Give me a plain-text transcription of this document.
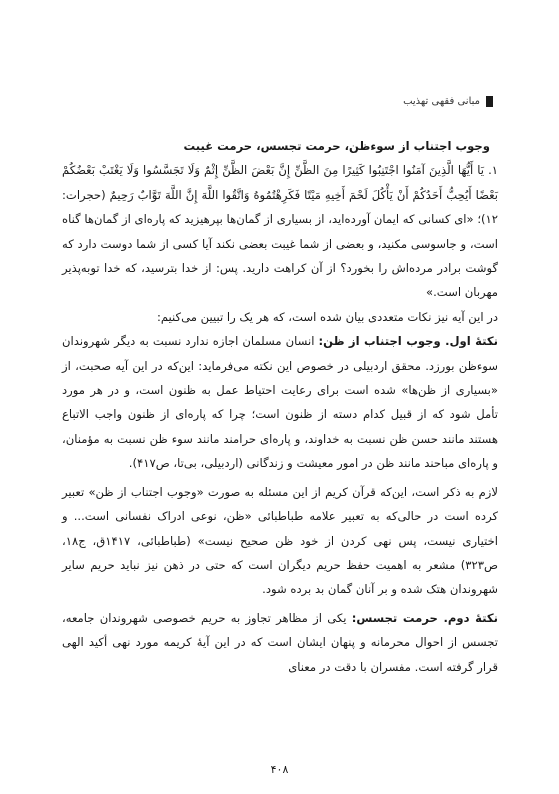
مبانی فقهی تهذیب

وجوب اجتناب از سوءظن، حرمت تجسس، حرمت غیبت

۱. یَا أَیُّهَا الَّذِینَ آمَنُوا اجْتَنِبُوا کَثِیرًا مِنَ الظَّنِّ إِنَّ بَعْضَ الظَّنِّ إِثْمٌ وَلَا تَجَسَّسُوا وَلَا یَغْتَبْ بَعْضُکُمْ بَعْضًا أَیُحِبُّ أَحَدُکُمْ أَنْ یَأْکُلَ لَحْمَ أَخِیهِ مَیْتًا فَکَرِهْتُمُوهُ وَاتَّقُوا اللَّهَ إِنَّ اللَّهَ تَوَّابٌ رَحِیمٌ (حجرات: ۱۲)؛ «ای کسانی که ایمان آورده‌اید، از بسیاری از گمان‌ها بپرهیزید که پاره‌ای از گمان‌ها گناه است، و جاسوسی مکنید، و بعضی از شما غیبت بعضی نکند آیا کسی از شما دوست دارد که گوشت برادر مرده‌اش را بخورد؟ از آن کراهت دارید. پس: از خدا بترسید، که خدا توبه‌پذیر مهربان است.»

در این آیه نیز نکات متعددی بیان شده است، که هر یک را تبیین می‌کنیم:

نکتهٔ اول. وجوب اجتناب از ظن: انسان مسلمان اجازه ندارد نسبت به دیگر شهروندان سوءظن بورزد. محقق اردبیلی در خصوص این نکته می‌فرماید: این‌که در این آیه صحبت، از «بسیاری از ظن‌ها» شده است برای رعایت احتیاط عمل به ظنون است، و در هر مورد تأمل شود که از قبیل کدام دسته از ظنون است؛ چرا که پاره‌ای از ظنون واجب الاتباع هستند مانند حسن ظن نسبت به خداوند، و پاره‌ای حرامند مانند سوء ظن نسبت به مؤمنان، و پاره‌ای مباحند مانند ظن در امور معیشت و زندگانی (اردبیلی، بی‌تا، ص۴۱۷).

لازم به ذکر است، این‌که قرآن کریم از این مسئله به صورت «وجوب اجتناب از ظن» تعبیر کرده است در حالی‌که به تعبیر علامه طباطبائی «ظن، نوعی ادراک نفسانی است... و اختیاری نیست، پس نهی کردن از خود ظن صحیح نیست» (طباطبائی، ۱۴۱۷ق، ج۱۸، ص۳۲۳) مشعر به اهمیت حفظ حریم دیگران است که حتی در ذهن نیز نباید حریم سایر شهروندان هتک شده و بر آنان گمان بد برده شود.

نکتهٔ دوم. حرمت تجسس: یکی از مظاهر تجاوز به حریم خصوصی شهروندان جامعه، تجسس از احوال محرمانه و پنهان ایشان است که در این آیهٔ کریمه مورد نهی أکید الهی قرار گرفته است. مفسران با دقت در معنای

۴۰۸
